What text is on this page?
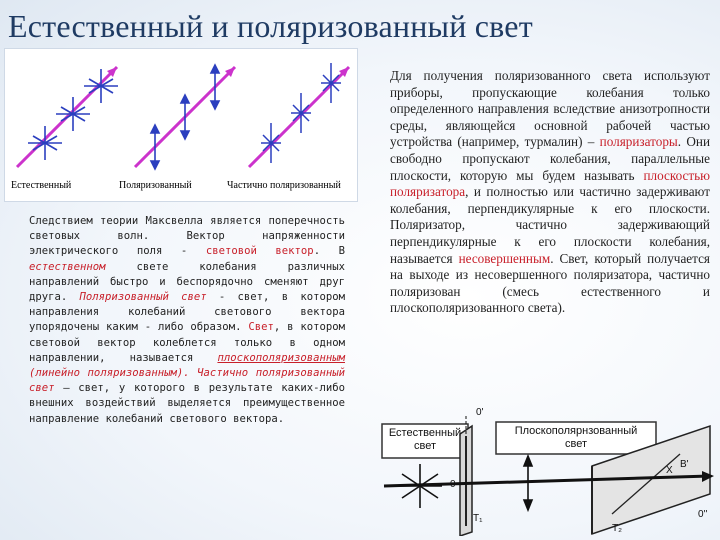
Естественный и поляризованный свет
Естественный	Поляризованный	Частично поляризованный
Следствием теории Максвелла является поперечность световых волн. Вектор напряженности электрического поля - световой вектор. В естественном свете колебания различных направлений быстро и беспорядочно сменяют друг друга. Поляризованный свет - свет, в котором направления колебаний светового вектора упорядочены каким - либо образом. Свет, в котором световой вектор колеблется только в одном направлении, называется плоскополяризованным (линейно поляризованным). Частично поляризованный свет – свет, у которого в результате каких-либо внешних воздействий выделяется преимущественное направление колебаний светового вектора.
Для получения поляризованного света используют приборы, пропускающие колебания только определенного направления вследствие анизотропности среды, являющейся основной рабочей частью устройства (например, турмалин) – поляризаторы. Они свободно пропускают колебания, параллельные плоскости, которую мы будем называть плоскостью поляризатора, и полностью или частично задерживают колебания, перпендикулярные к его плоскости. Поляризатор, частично задерживающий перпендикулярные к его плоскости колебания, называется несовершенным. Свет, который получается на выходе из несовершенного поляризатора, частично поляризован (смесь естественного и плоскополяризованного света).
Естественный
свет
Плоскополярнзованный
свет
0'
0
T₁
B'
X
0''
T₂
